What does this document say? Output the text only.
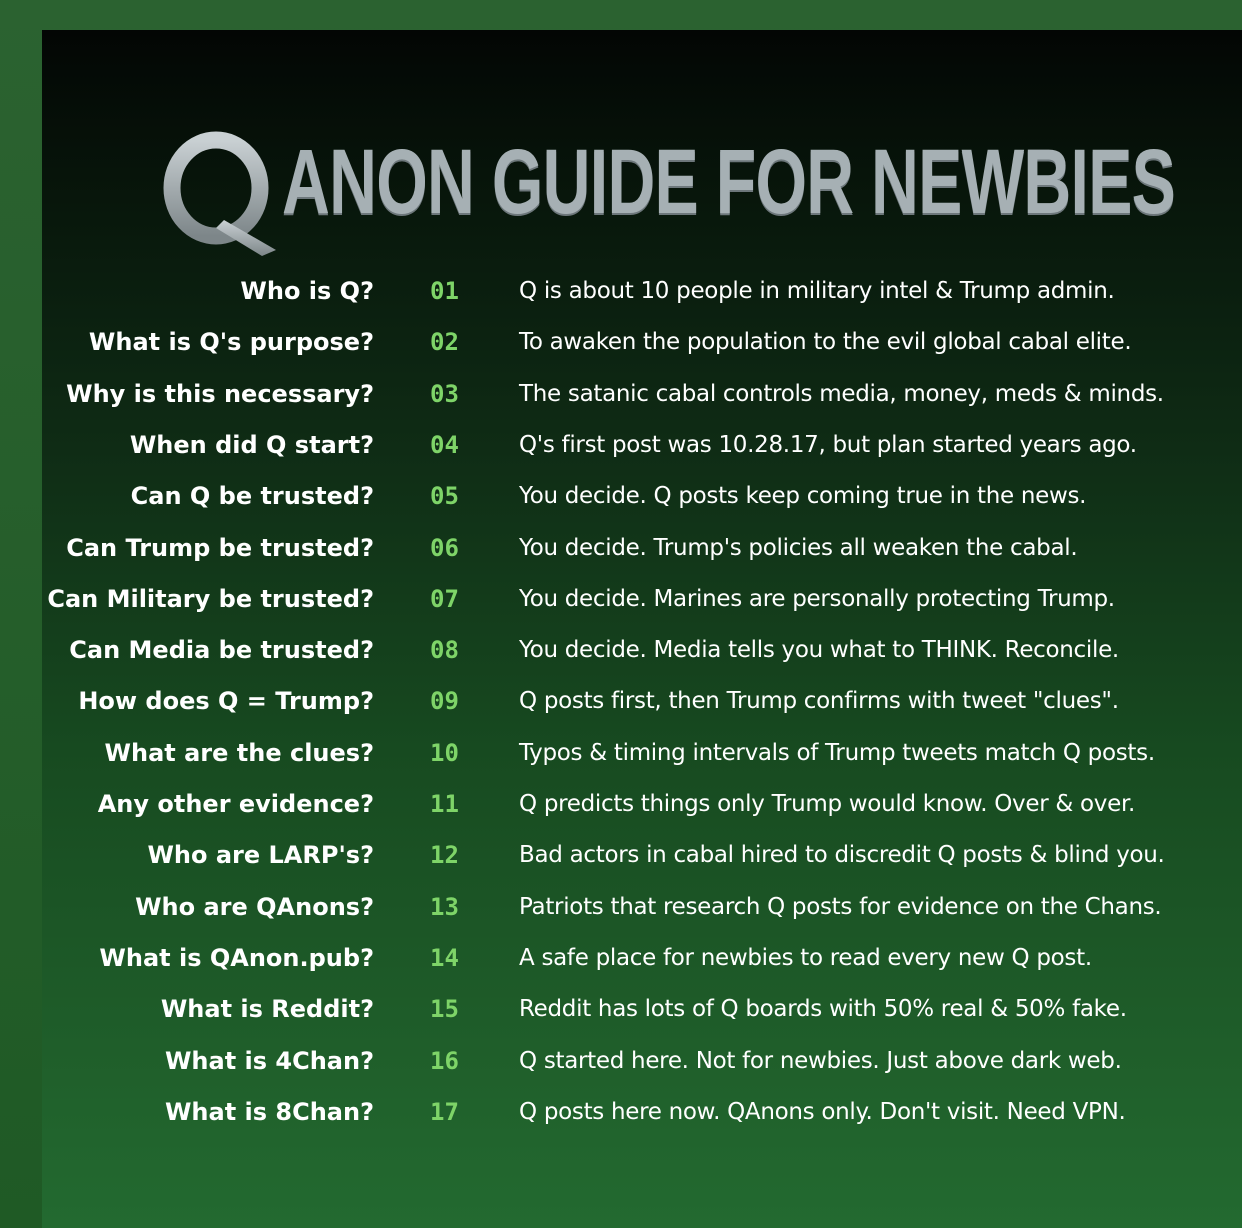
ANON GUIDE FOR NEWBIES
Who is Q? 01	Q is about 10 people in military intel & Trump admin.
What is Q's purpose? 02	To awaken the population to the evil global cabal elite.
Why is this necessary? 03	The satanic cabal controls media, money, meds & minds.
When did Q start? 04	Q's first post was 10.28.17, but plan started years ago.
Can Q be trusted? 05	You decide. Q posts keep coming true in the news.
Can Trump be trusted? 06	You decide. Trump's policies all weaken the cabal.
Can Military be trusted? 07	You decide. Marines are personally protecting Trump.
Can Media be trusted? 08	You decide. Media tells you what to THINK. Reconcile.
How does Q = Trump? 09	Q posts first, then Trump confirms with tweet "clues".
What are the clues? 10	Typos & timing intervals of Trump tweets match Q posts.
Any other evidence? 11	Q predicts things only Trump would know. Over & over.
Who are LARP's? 12	Bad actors in cabal hired to discredit Q posts & blind you.
Who are QAnons? 13	Patriots that research Q posts for evidence on the Chans.
What is QAnon.pub? 14	A safe place for newbies to read every new Q post.
What is Reddit? 15	Reddit has lots of Q boards with 50% real & 50% fake.
What is 4Chan? 16	Q started here. Not for newbies. Just above dark web.
What is 8Chan? 17	Q posts here now. QAnons only. Don't visit. Need VPN.
